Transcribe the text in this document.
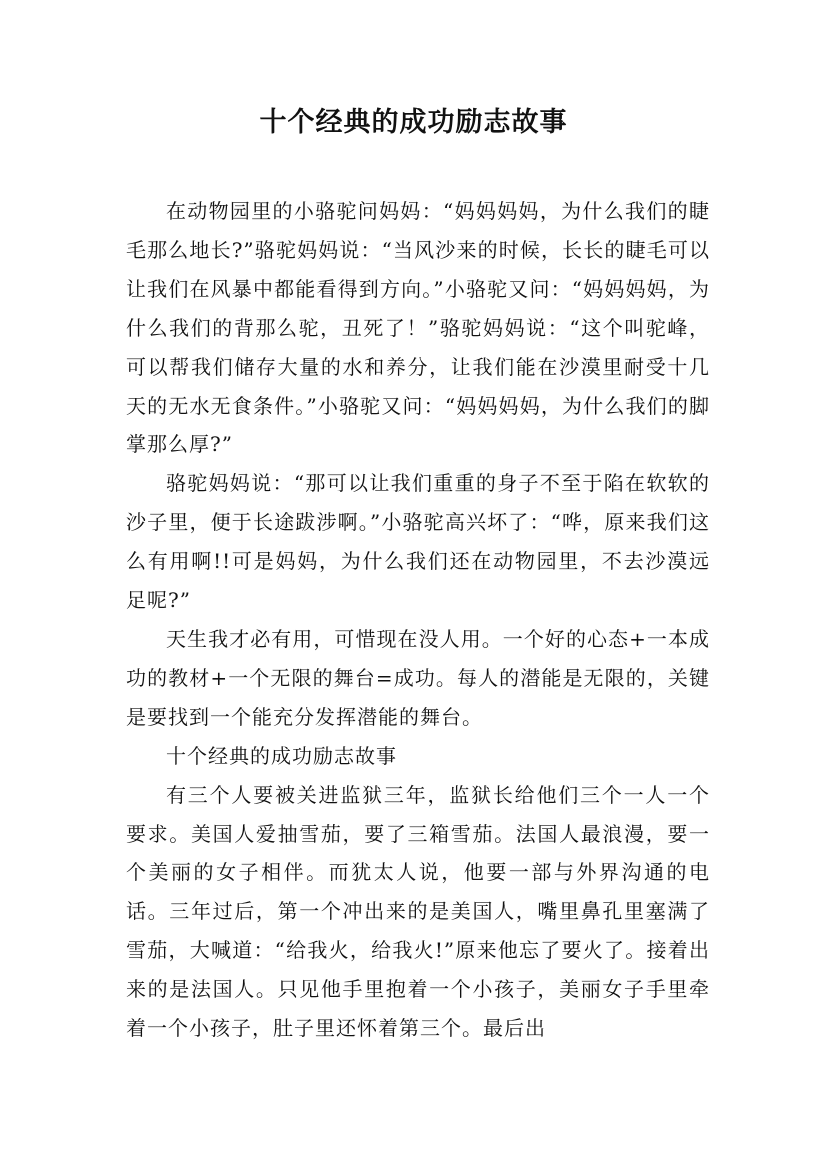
十个经典的成功励志故事

在动物园里的小骆驼问妈妈：“妈妈妈妈，为什么我们的睫毛那么地长?”骆驼妈妈说：“当风沙来的时候，长长的睫毛可以让我们在风暴中都能看得到方向。”小骆驼又问：“妈妈妈妈，为什么我们的背那么驼，丑死了！”骆驼妈妈说：“这个叫驼峰，可以帮我们储存大量的水和养分，让我们能在沙漠里耐受十几天的无水无食条件。”小骆驼又问：“妈妈妈妈，为什么我们的脚掌那么厚?”

骆驼妈妈说：“那可以让我们重重的身子不至于陷在软软的沙子里，便于长途跋涉啊。”小骆驼高兴坏了：“哗，原来我们这么有用啊!!可是妈妈，为什么我们还在动物园里，不去沙漠远足呢?”

天生我才必有用，可惜现在没人用。一个好的心态+一本成功的教材+一个无限的舞台=成功。每人的潜能是无限的，关键是要找到一个能充分发挥潜能的舞台。

十个经典的成功励志故事

有三个人要被关进监狱三年，监狱长给他们三个一人一个要求。美国人爱抽雪茄，要了三箱雪茄。法国人最浪漫，要一个美丽的女子相伴。而犹太人说，他要一部与外界沟通的电话。三年过后，第一个冲出来的是美国人，嘴里鼻孔里塞满了雪茄，大喊道：“给我火，给我火!”原来他忘了要火了。接着出来的是法国人。只见他手里抱着一个小孩子，美丽女子手里牵着一个小孩子，肚子里还怀着第三个。最后出
